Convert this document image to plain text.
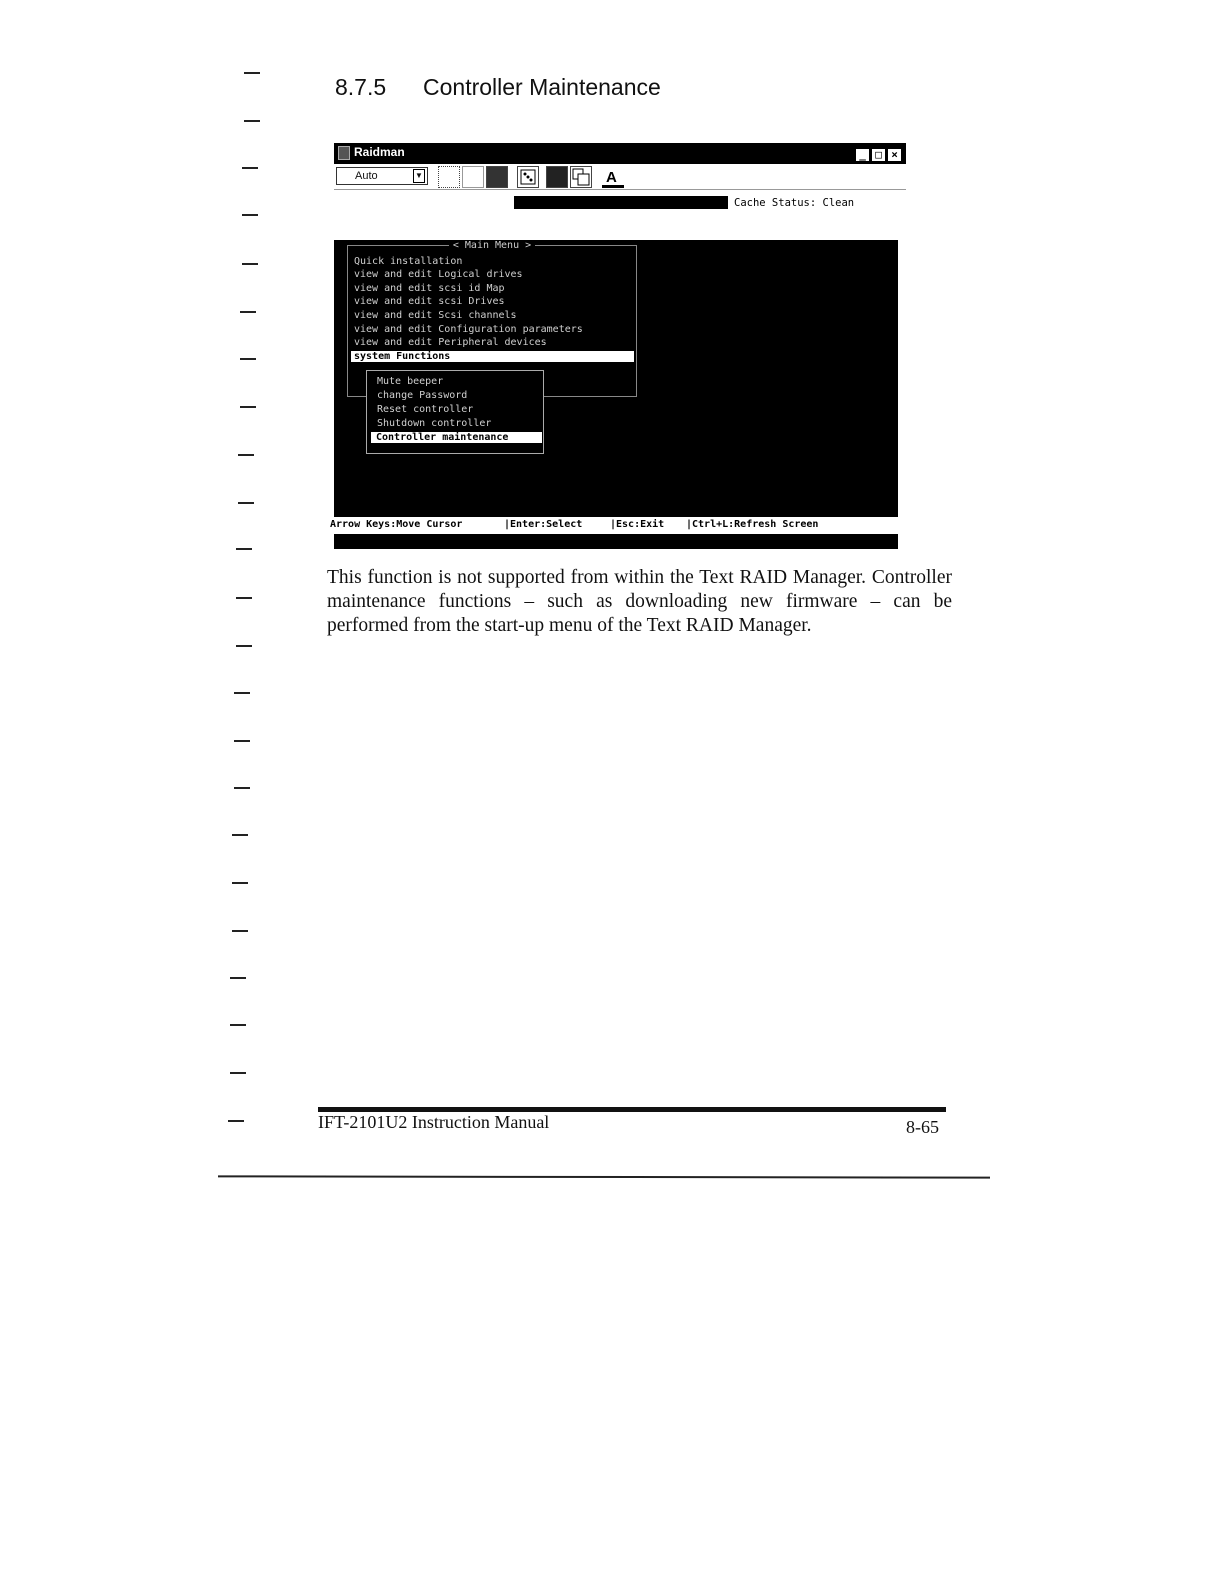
8.7.5 Controller Maintenance
Raidman	_ □ ×
Auto	▼	A
Cache Status: Clean
< Main Menu >
Quick installation
view and edit Logical drives
view and edit scsi id Map
view and edit scsi Drives
view and edit Scsi channels
view and edit Configuration parameters
view and edit Peripheral devices
system Functions
Mute beeper
change Password
Reset controller
Shutdown controller
Controller maintenance
Arrow Keys:Move Cursor	|Enter:Select	|Esc:Exit |Ctrl+L:Refresh Screen
This function is not supported from within the Text RAID Manager. Controller maintenance functions – such as downloading new firmware – can be performed from the start-up menu of the Text RAID Manager.
IFT-2101U2 Instruction Manual	8-65
